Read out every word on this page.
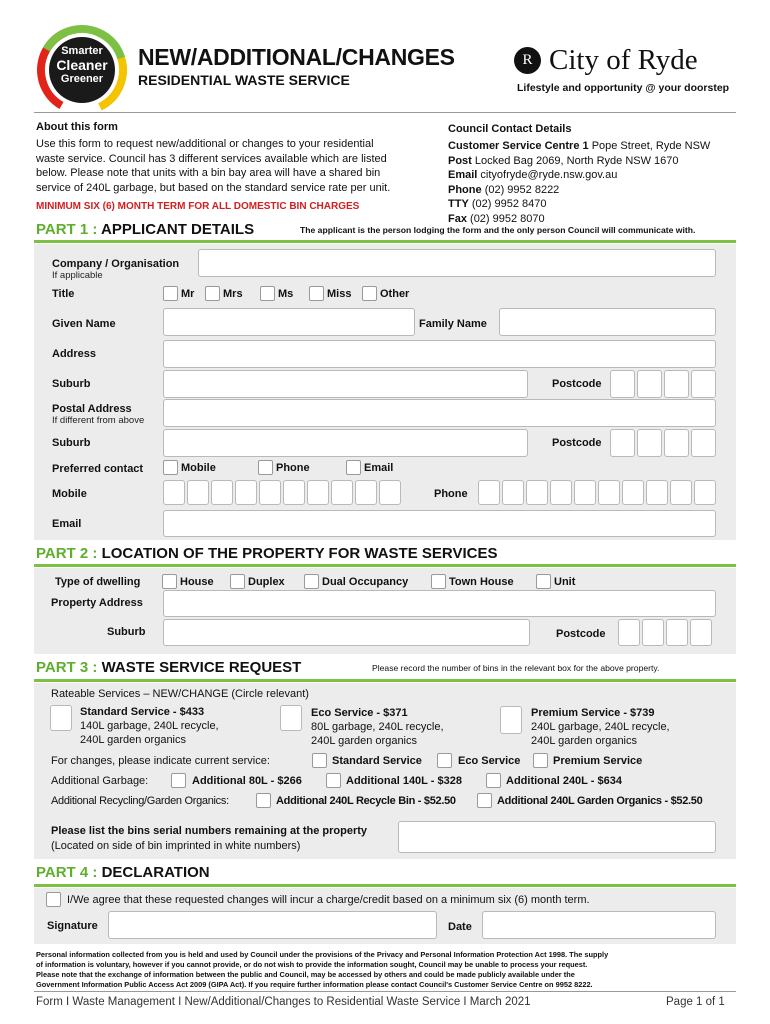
Smarter
Cleaner
Greener
NEW/ADDITIONAL/CHANGES
RESIDENTIAL WASTE SERVICE
R City of Ryde
Lifestyle and opportunity @ your doorstep
About this form
Use this form to request new/additional or changes to your residential
waste service. Council has 3 different services available which are listed
below. Please note that units with a bin bay area will have a shared bin
service of 240L garbage, but based on the standard service rate per unit.
MINIMUM SIX (6) MONTH TERM FOR ALL DOMESTIC BIN CHARGES
Council Contact Details
Customer Service Centre 1 Pope Street, Ryde NSW
Post Locked Bag 2069, North Ryde NSW 1670
Email cityofryde@ryde.nsw.gov.au
Phone (02) 9952 8222
TTY (02) 9952 8470
Fax (02) 9952 8070
PART 1 : APPLICANT DETAILS	The applicant is the person lodging the form and the only person Council will communicate with.
Company / Organisation
If applicable
Title	Mr	Mrs	Ms	Miss	Other
Given Name	Family Name
Address
Suburb	Postcode
Postal Address
If different from above
Suburb	Postcode
Preferred contact	Mobile	Phone	Email
Mobile	Phone
Email
PART 2 : LOCATION OF THE PROPERTY FOR WASTE SERVICES
Type of dwelling	House	Duplex	Dual Occupancy	Town House	Unit
Property Address
Suburb	Postcode
PART 3 : WASTE SERVICE REQUEST	Please record the number of bins in the relevant box for the above property.
Rateable Services – NEW/CHANGE (Circle relevant)
Standard Service - $433
140L garbage, 240L recycle,
240L garden organics
Eco Service - $371
80L garbage, 240L recycle,
240L garden organics
Premium Service - $739
240L garbage, 240L recycle,
240L garden organics
For changes, please indicate current service:	Standard Service	Eco Service	Premium Service
Additional Garbage:	Additional 80L - $266	Additional 140L - $328	Additional 240L - $634
Additional Recycling/Garden Organics:	Additional 240L Recycle Bin - $52.50	Additional 240L Garden Organics - $52.50
Please list the bins serial numbers remaining at the property
(Located on side of bin imprinted in white numbers)
PART 4 : DECLARATION
I/We agree that these requested changes will incur a charge/credit based on a minimum six (6) month term.
Signature	Date
Personal information collected from you is held and used by Council under the provisions of the Privacy and Personal Information Protection Act 1998. The supply
of information is voluntary, however if you cannot provide, or do not wish to provide the information sought, Council may be unable to process your request.
Please note that the exchange of information between the public and Council, may be accessed by others and could be made publicly available under the
Government Information Public Access Act 2009 (GIPA Act). If you require further information please contact Council's Customer Service Centre on 9952 8222.
Form I Waste Management I New/Additional/Changes to Residential Waste Service I March 2021	Page 1 of 1
